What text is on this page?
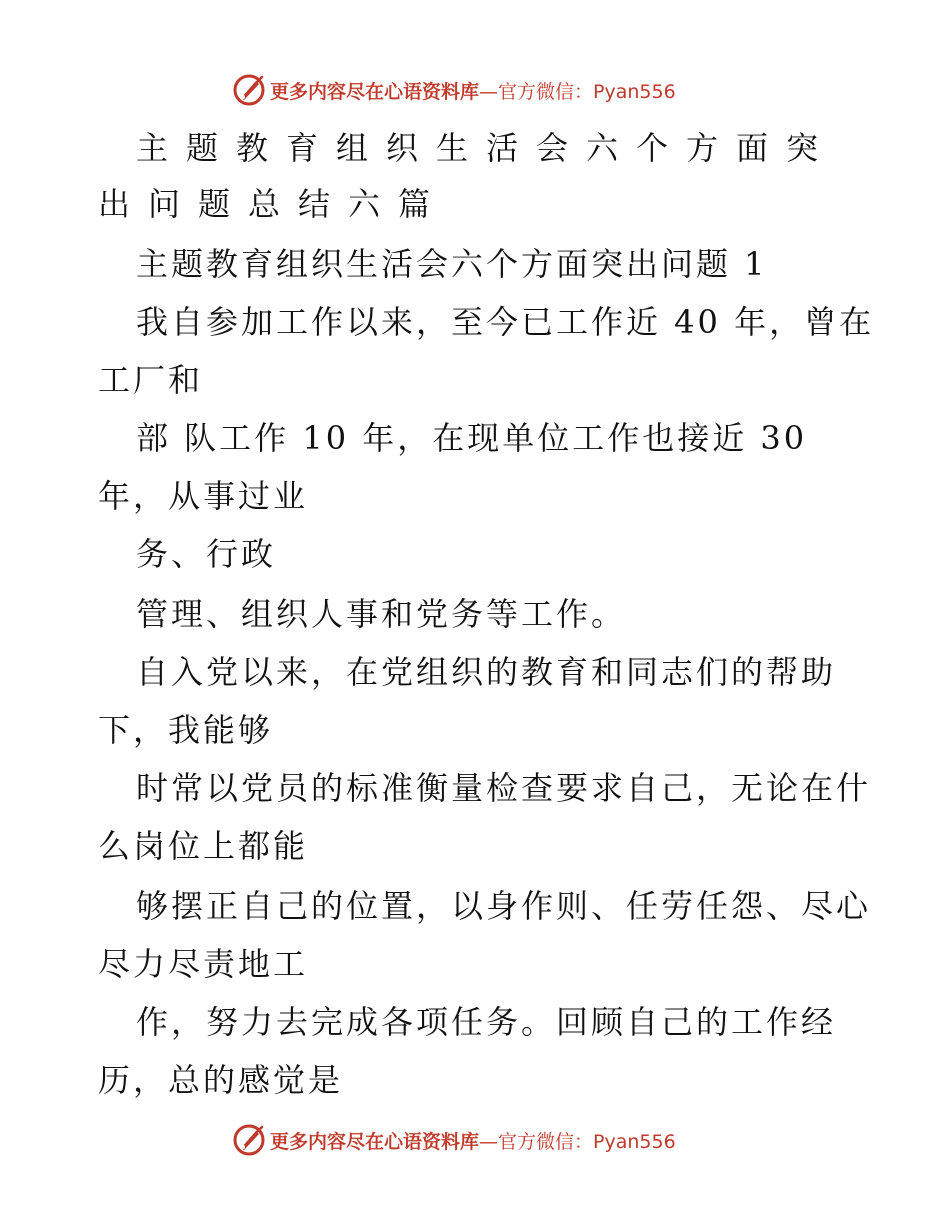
更多内容尽在心语资料库 —官方微信：Pyan556
主题教育组织生活会六个方面突
出问题总结六篇
主题教育组织生活会六个方面突出问题 1
我自参加工作以来，至今已工作近 40 年，曾在
工厂和
部 队工作 10 年，在现单位工作也接近 30
年，从事过业
务、行政
管理、组织人事和党务等工作。
自入党以来，在党组织的教育和同志们的帮助
下，我能够
时常以党员的标准衡量检查要求自己，无论在什
么岗位上都能
够摆正自己的位置，以身作则、任劳任怨、尽心
尽力尽责地工
作，努力去完成各项任务。回顾自己的工作经
历，总的感觉是
更多内容尽在心语资料库 —官方微信：Pyan556
